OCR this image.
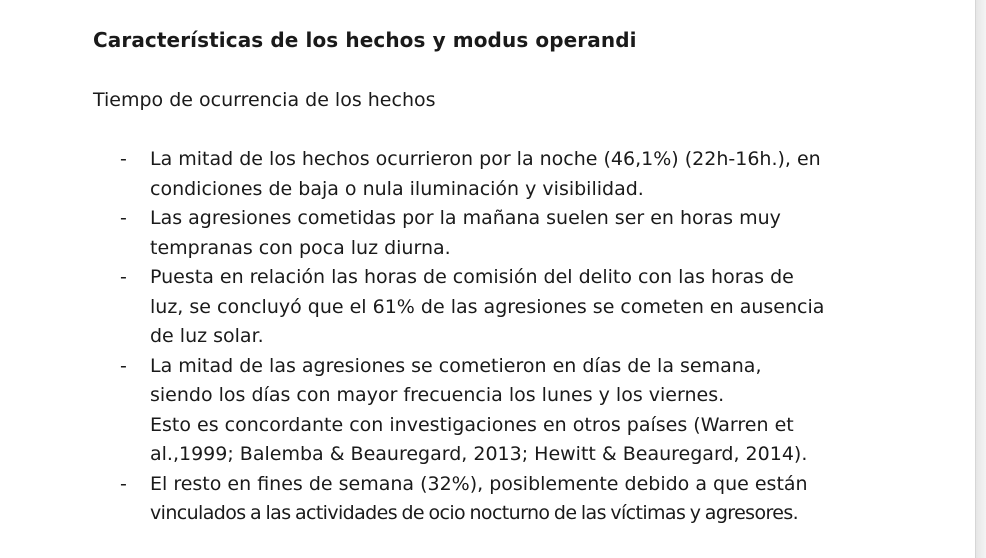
Características de los hechos y modus operandi

Tiempo de ocurrencia de los hechos

- La mitad de los hechos ocurrieron por la noche (46,1%) (22h-16h.), en
condiciones de baja o nula iluminación y visibilidad.
- Las agresiones cometidas por la mañana suelen ser en horas muy
tempranas con poca luz diurna.
- Puesta en relación las horas de comisión del delito con las horas de
luz, se concluyó que el 61% de las agresiones se cometen en ausencia
de luz solar.
- La mitad de las agresiones se cometieron en días de la semana,
siendo los días con mayor frecuencia los lunes y los viernes.
Esto es concordante con investigaciones en otros países (Warren et
al.,1999; Balemba & Beauregard, 2013; Hewitt & Beauregard, 2014).
- El resto en fines de semana (32%), posiblemente debido a que están
vinculados a las actividades de ocio nocturno de las víctimas y agresores.
